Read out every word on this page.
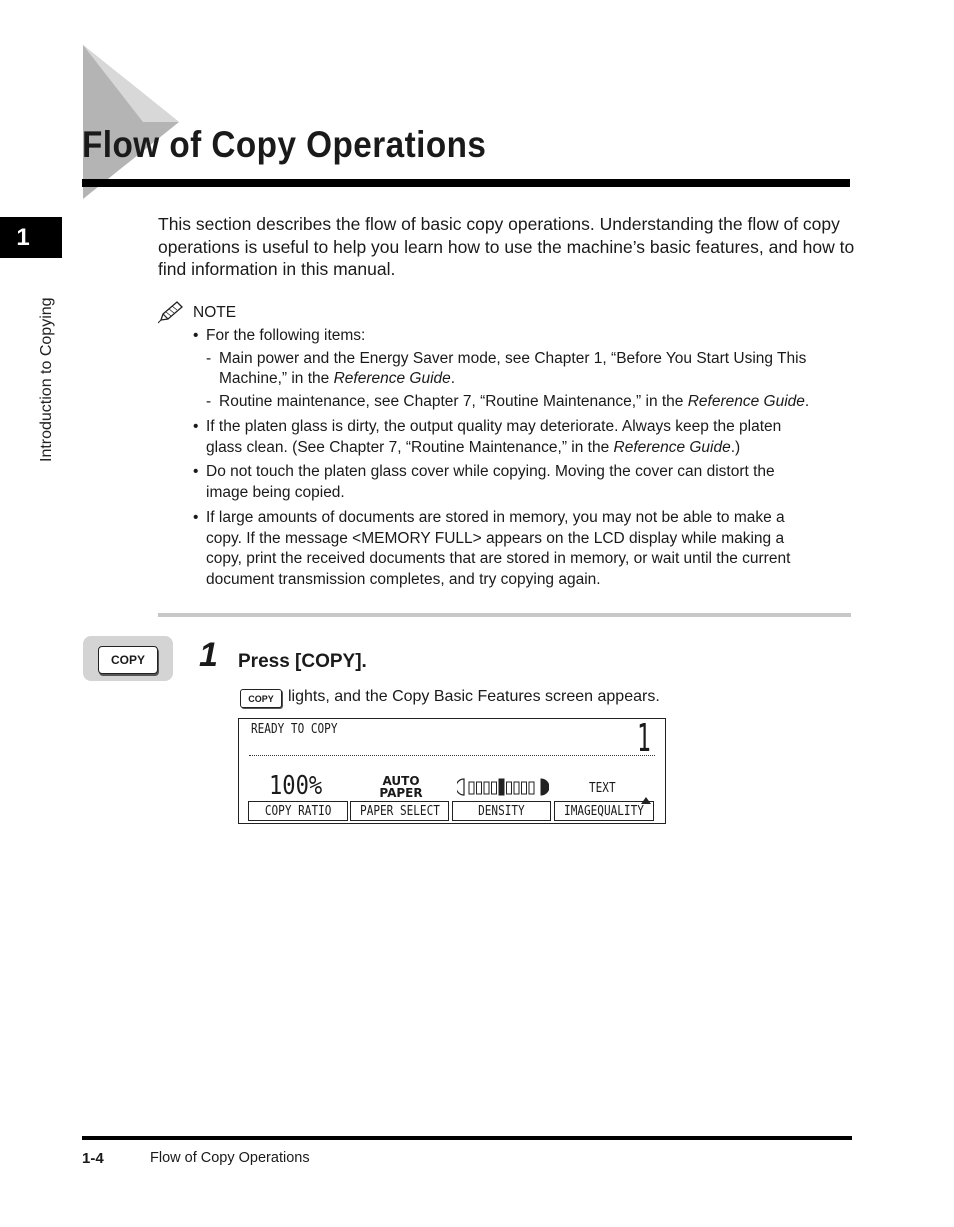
Flow of Copy Operations
1
Introduction to Copying

This section describes the flow of basic copy operations. Understanding the flow of copy operations is useful to help you learn how to use the machine’s basic features, and how to find information in this manual.

NOTE
• For the following items:
- Main power and the Energy Saver mode, see Chapter 1, “Before You Start Using This
Machine,” in the Reference Guide.
- Routine maintenance, see Chapter 7, “Routine Maintenance,” in the Reference Guide.
• If the platen glass is dirty, the output quality may deteriorate. Always keep the platen
glass clean. (See Chapter 7, “Routine Maintenance,” in the Reference Guide.)
• Do not touch the platen glass cover while copying. Moving the cover can distort the
image being copied.
• If large amounts of documents are stored in memory, you may not be able to make a
copy. If the message <MEMORY FULL> appears on the LCD display while making a
copy, print the received documents that are stored in memory, or wait until the current
document transmission completes, and try copying again.
COPY	1 Press [COPY].
COPY lights, and the Copy Basic Features screen appears.
READY TO COPY	1
100%	AUTO
PAPER	TEXT
COPY RATIO PAPER SELECT	DENSITY	IMAGEQUALITY
1-4	Flow of Copy Operations
